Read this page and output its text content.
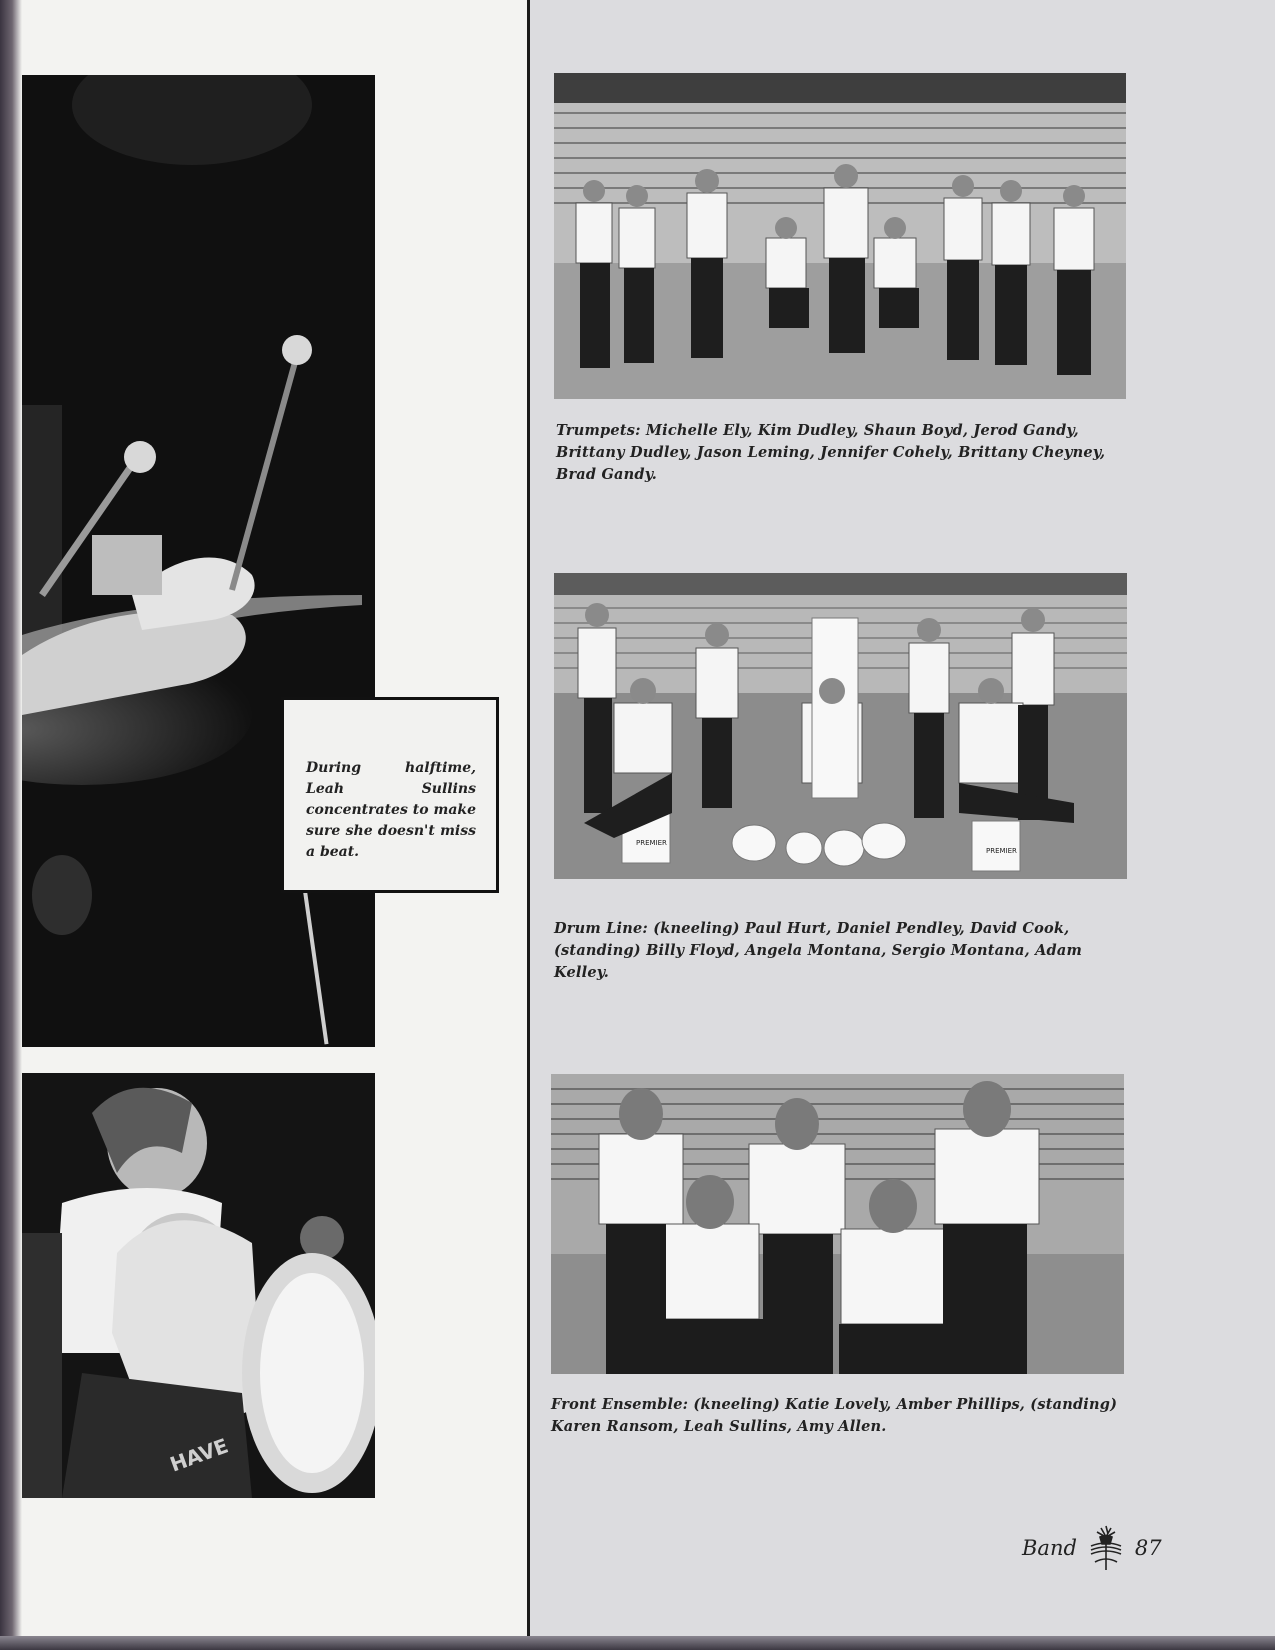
During halftime, Leah Sullins concentrates to make sure she doesn't miss a beat.

HAVE

Trumpets: Michelle Ely, Kim Dudley, Shaun Boyd, Jerod Gandy, Brittany Dudley, Jason Leming, Jennifer Cohely, Brittany Cheyney, Brad Gandy.

PREMIER
PREMIER

Drum Line: (kneeling) Paul Hurt, Daniel Pendley, David Cook, (standing) Billy Floyd, Angela Montana, Sergio Montana, Adam Kelley.

Front Ensemble: (kneeling) Katie Lovely, Amber Phillips, (standing) Karen Ransom, Leah Sullins, Amy Allen.

Band	87
